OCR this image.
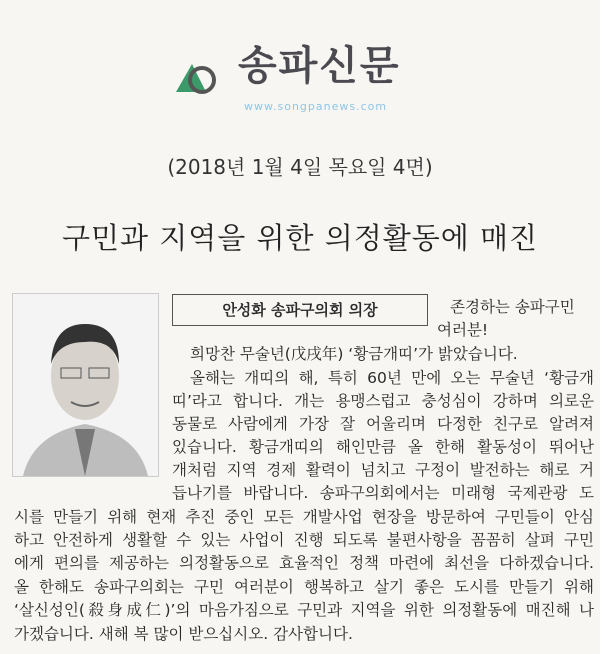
송파신문
www.songpanews.com
(2018년 1월 4일 목요일 4면)
구민과 지역을 위한 의정활동에 매진
안성화 송파구의회 의장	존경하는 송파구민
여러분!
희망찬 무술년(戊戌年) ‘황금개띠’가 밝았습니다.
올해는 개띠의 해, 특히 60년 만에 오는 무술년 ‘황금개
띠’라고 합니다. 개는 용맹스럽고 충성심이 강하며 의로운
동물로 사람에게 가장 잘 어울리며 다정한 친구로 알려져
있습니다. 황금개띠의 해인만큼 올 한해 활동성이 뛰어난
개처럼 지역 경제 활력이 넘치고 구정이 발전하는 해로 거
듭나기를 바랍니다. 송파구의회에서는 미래형 국제관광 도
시를 만들기 위해 현재 추진 중인 모든 개발사업 현장을 방문하여 구민들이 안심
하고 안전하게 생활할 수 있는 사업이 진행 되도록 불편사항을 꼼꼼히 살펴 구민
에게 편의를 제공하는 의정활동으로 효율적인 정책 마련에 최선을 다하겠습니다.
올 한해도 송파구의회는 구민 여러분이 행복하고 살기 좋은 도시를 만들기 위해
‘살신성인(殺身成仁)’의 마음가짐으로 구민과 지역을 위한 의정활동에 매진해 나
가겠습니다. 새해 복 많이 받으십시오. 감사합니다.
